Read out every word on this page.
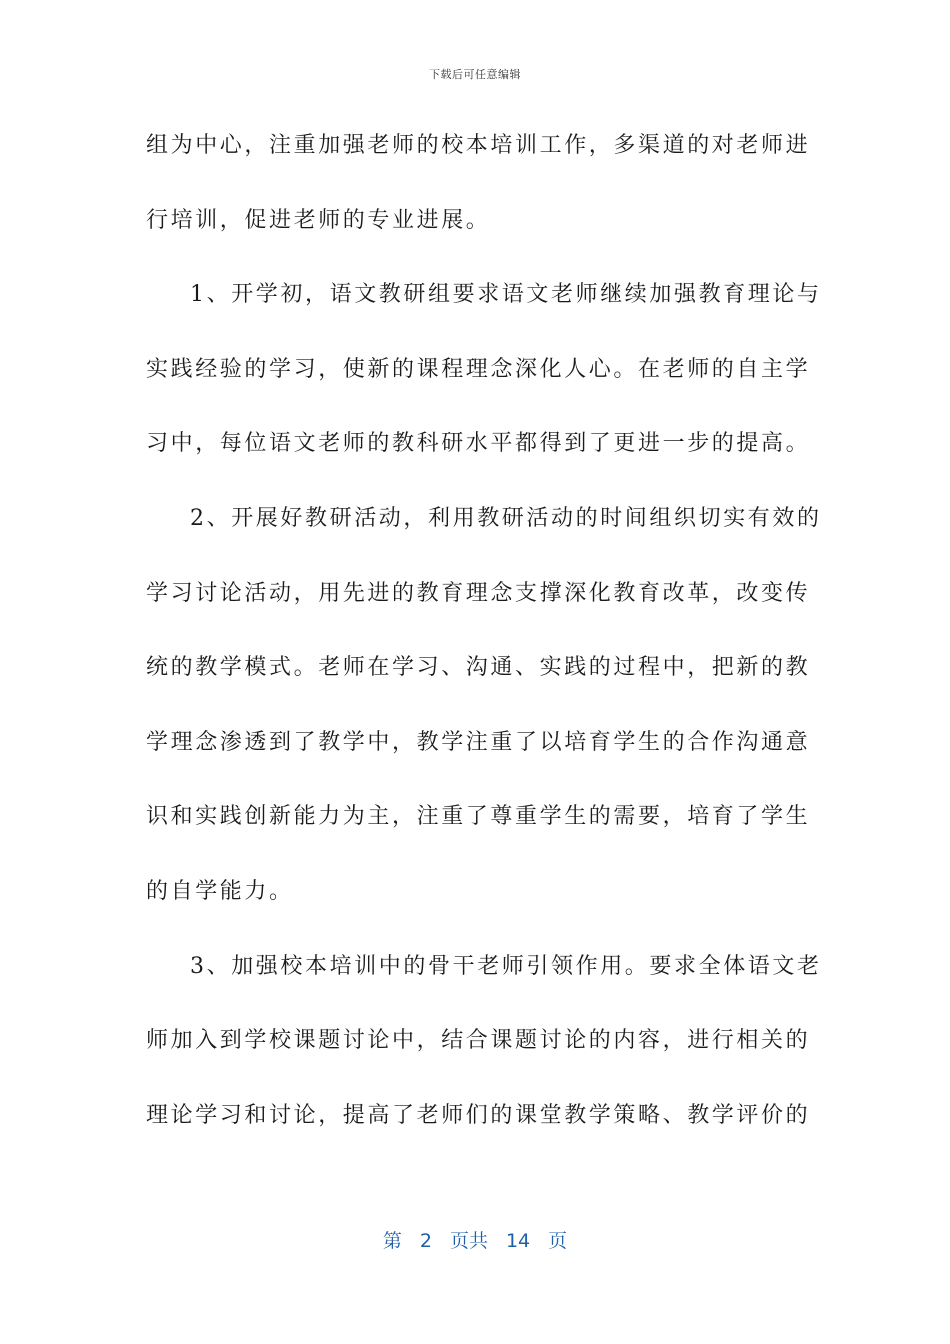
下载后可任意编辑
组为中心，注重加强老师的校本培训工作，多渠道的对老师进
行培训，促进老师的专业进展。
1、开学初，语文教研组要求语文老师继续加强教育理论与
实践经验的学习，使新的课程理念深化人心。在老师的自主学
习中，每位语文老师的教科研水平都得到了更进一步的提高。
2、开展好教研活动，利用教研活动的时间组织切实有效的
学习讨论活动，用先进的教育理念支撑深化教育改革，改变传
统的教学模式。老师在学习、沟通、实践的过程中，把新的教
学理念渗透到了教学中，教学注重了以培育学生的合作沟通意
识和实践创新能力为主，注重了尊重学生的需要，培育了学生
的自学能力。
3、加强校本培训中的骨干老师引领作用。要求全体语文老
师加入到学校课题讨论中，结合课题讨论的内容，进行相关的
理论学习和讨论，提高了老师们的课堂教学策略、教学评价的
第 2 页共 14 页
